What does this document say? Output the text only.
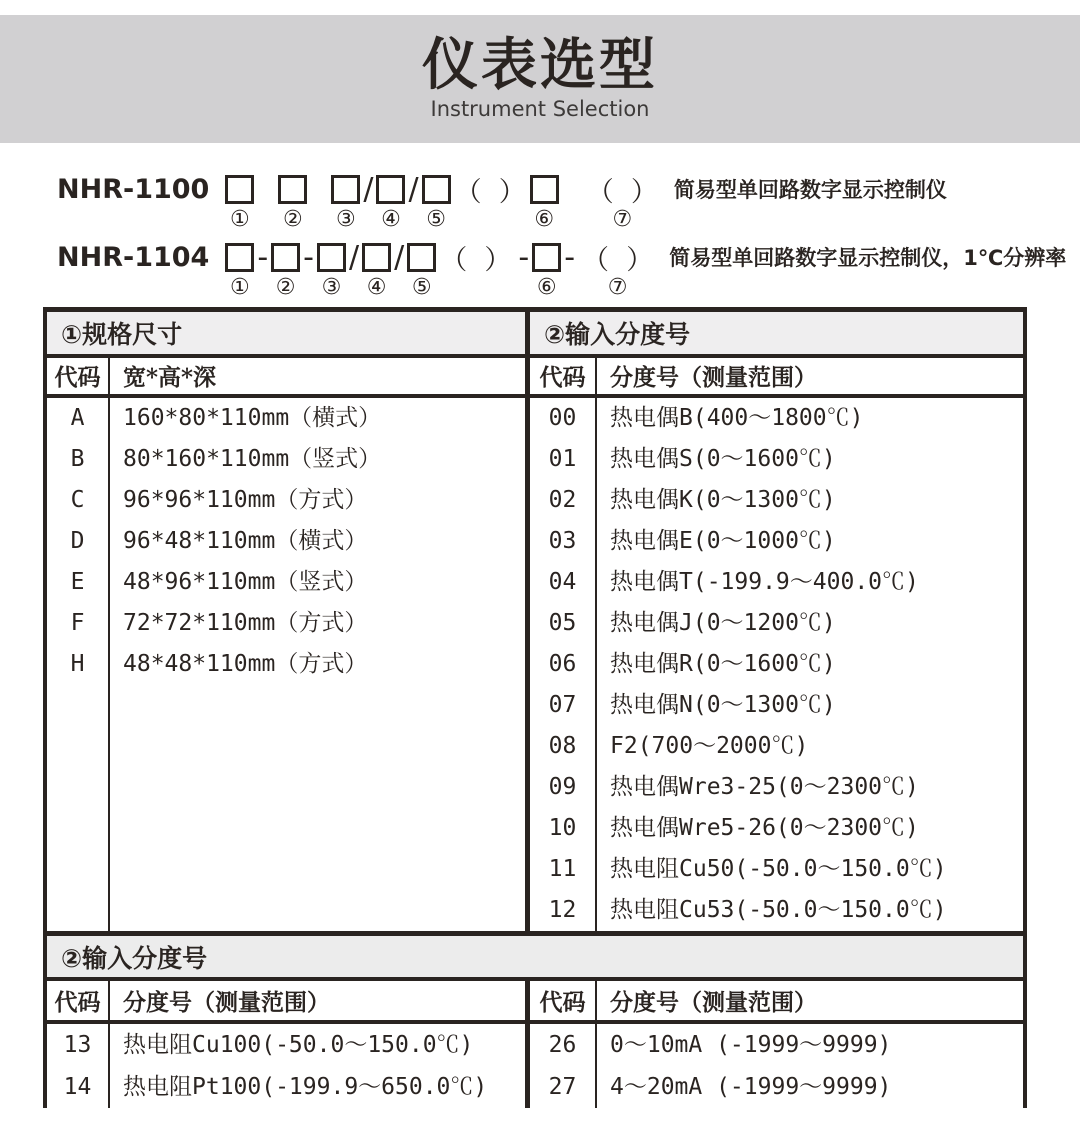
仪表选型
Instrument Selection
NHR-1100
① ② ③
/
④
/
⑤
（  ）
⑥
（  ）
⑦
简易型单回路数字显示控制仪
NHR-1104
①
-
②
-
③
/
④
/
⑤
（  ） -
⑥
- （  ）
⑦
简易型单回路数字显示控制仪，1℃分辨率
①规格尺寸
代码 宽*高*深
A	160*80*110mm（横式）
B	80*160*110mm（竖式）
C	96*96*110mm（方式）
D	96*48*110mm（横式）
E	48*96*110mm（竖式）
F	72*72*110mm（方式）
H	48*48*110mm（方式）
②输入分度号
代码	分度号（测量范围）
00	热电偶B(400～1800℃)
01	热电偶S(0～1600℃)
02	热电偶K(0～1300℃)
03	热电偶E(0～1000℃)
04	热电偶T(-199.9～400.0℃)
05	热电偶J(0～1200℃)
06	热电偶R(0～1600℃)
07	热电偶N(0～1300℃)
08	F2(700～2000℃)
09	热电偶Wre3-25(0～2300℃)
10	热电偶Wre5-26(0～2300℃)
11	热电阻Cu50(-50.0～150.0℃)
12	热电阻Cu53(-50.0～150.0℃)
②输入分度号
代码 分度号（测量范围）
13	热电阻Cu100(-50.0～150.0℃)
14	热电阻Pt100(-199.9～650.0℃)
代码	分度号（测量范围）
26	0～10mA (-1999～9999)
27	4～20mA (-1999～9999)
